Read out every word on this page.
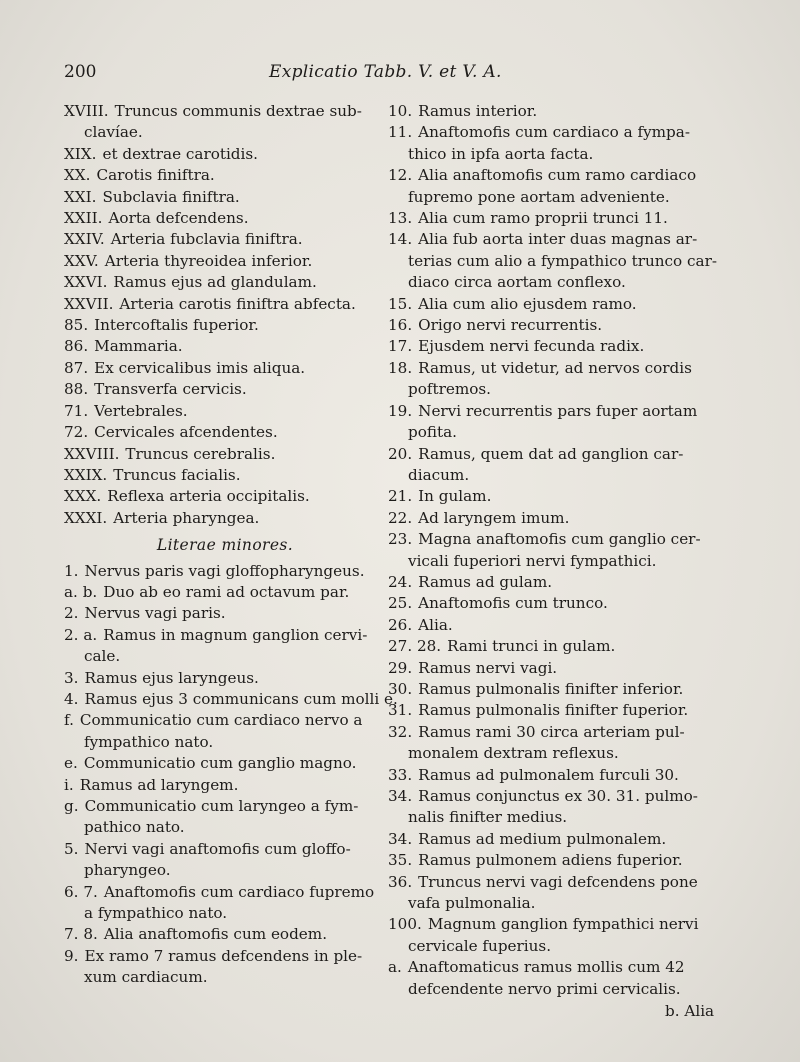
200	Explicatio Tabb. V. et V. A.
XVIII. Truncus communis dextrae sub-
clavíae.
XIX. et dextrae carotidis.
XX. Carotis finiftra.
XXI. Subclavia finiftra.
XXII. Aorta defcendens.
XXIV. Arteria fubclavia finiftra.
XXV. Arteria thyreoidea inferior.
XXVI. Ramus ejus ad glandulam.
XXVII. Arteria carotis finiftra abfecta.
85. Intercoftalis fuperior.
86. Mammaria.
87. Ex cervicalibus imis aliqua.
88. Transverfa cervicis.
71. Vertebrales.
72. Cervicales afcendentes.
XXVIII. Truncus cerebralis.
XXIX. Truncus facialis.
XXX. Reflexa arteria occipitalis.
XXXI. Arteria pharyngea.
Literae minores.
1. Nervus paris vagi gloffopharyngeus.
a. b. Duo ab eo rami ad octavum par.
2. Nervus vagi paris.
2. a. Ramus in magnum ganglion cervi-
cale.
3. Ramus ejus laryngeus.
4. Ramus ejus 3 communicans cum molli e.
f. Communicatio cum cardiaco nervo a
fympathico nato.
e. Communicatio cum ganglio magno.
i. Ramus ad laryngem.
g. Communicatio cum laryngeo a fym-
pathico nato.
5. Nervi vagi anaftomofis cum gloffo-
pharyngeo.
6. 7. Anaftomofis cum cardiaco fupremo
a fympathico nato.
7. 8. Alia anaftomofis cum eodem.
9. Ex ramo 7 ramus defcendens in ple-
xum cardiacum.
10. Ramus interior.
11. Anaftomofis cum cardiaco a fympa-
thico in ipfa aorta facta.
12. Alia anaftomofis cum ramo cardiaco
fupremo pone aortam adveniente.
13. Alia cum ramo proprii trunci 11.
14. Alia fub aorta inter duas magnas ar-
terias cum alio a fympathico trunco car-
diaco circa aortam conflexo.
15. Alia cum alio ejusdem ramo.
16. Origo nervi recurrentis.
17. Ejusdem nervi fecunda radix.
18. Ramus, ut videtur, ad nervos cordis
poftremos.
19. Nervi recurrentis pars fuper aortam
pofita.
20. Ramus, quem dat ad ganglion car-
diacum.
21. In gulam.
22. Ad laryngem imum.
23. Magna anaftomofis cum ganglio cer-
vicali fuperiori nervi fympathici.
24. Ramus ad gulam.
25. Anaftomofis cum trunco.
26. Alia.
27. 28. Rami trunci in gulam.
29. Ramus nervi vagi.
30. Ramus pulmonalis finifter inferior.
31. Ramus pulmonalis finifter fuperior.
32. Ramus rami 30 circa arteriam pul-
monalem dextram reflexus.
33. Ramus ad pulmonalem furculi 30.
34. Ramus conjunctus ex 30. 31. pulmo-
nalis finifter medius.
34. Ramus ad medium pulmonalem.
35. Ramus pulmonem adiens fuperior.
36. Truncus nervi vagi defcendens pone
vafa pulmonalia.
100. Magnum ganglion fympathici nervi
cervicale fuperius.
a. Anaftomaticus ramus mollis cum 42
defcendente nervo primi cervicalis.
b. Alia
